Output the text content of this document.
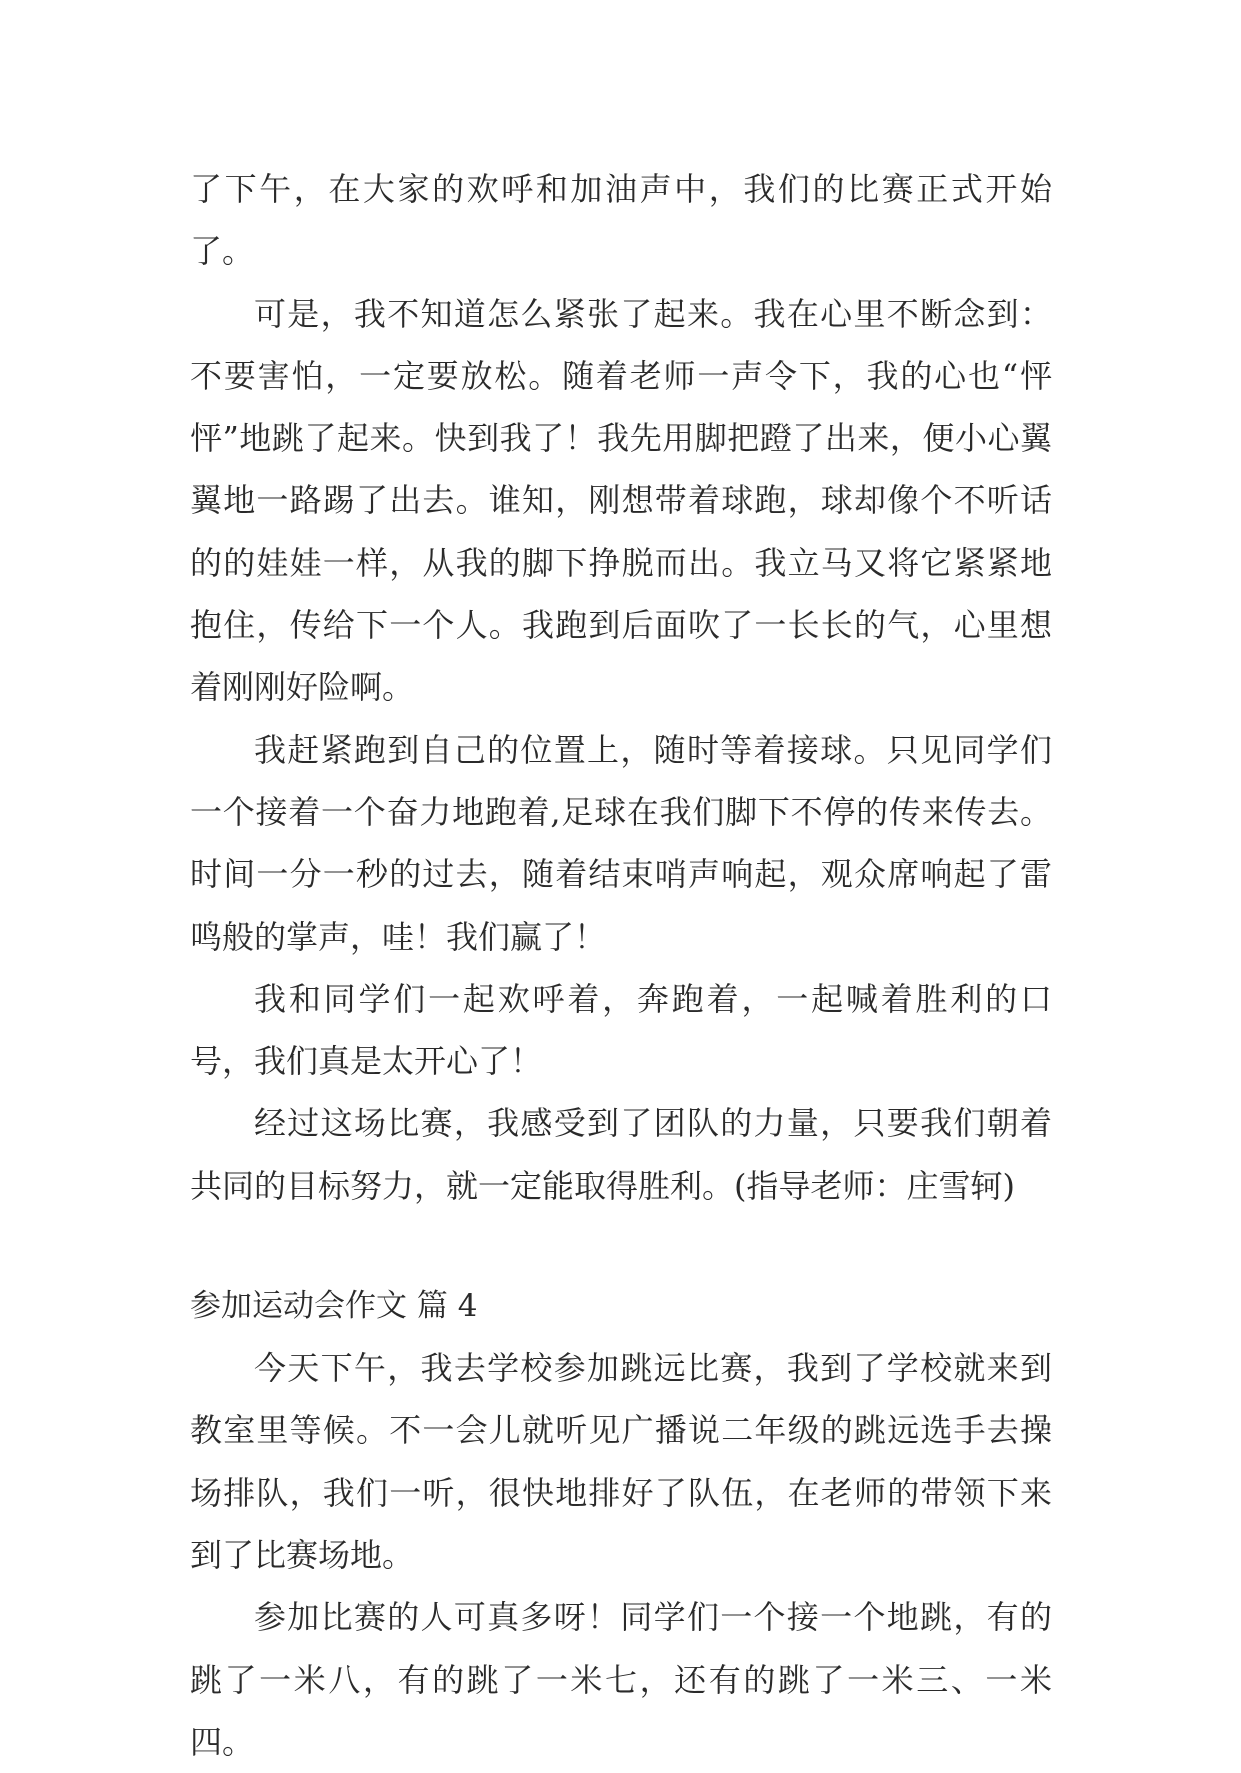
了下午，在大家的欢呼和加油声中，我们的比赛正式开始了。

可是，我不知道怎么紧张了起来。我在心里不断念到：不要害怕，一定要放松。随着老师一声令下，我的心也“怦怦”地跳了起来。快到我了！我先用脚把蹬了出来，便小心翼翼地一路踢了出去。谁知，刚想带着球跑，球却像个不听话的的娃娃一样，从我的脚下挣脱而出。我立马又将它紧紧地抱住，传给下一个人。我跑到后面吹了一长长的气，心里想着刚刚好险啊。

我赶紧跑到自己的位置上，随时等着接球。只见同学们一个接着一个奋力地跑着,足球在我们脚下不停的传来传去。时间一分一秒的过去，随着结束哨声响起，观众席响起了雷鸣般的掌声，哇！我们赢了！

我和同学们一起欢呼着，奔跑着，一起喊着胜利的口号，我们真是太开心了！

经过这场比赛，我感受到了团队的力量，只要我们朝着共同的目标努力，就一定能取得胜利。(指导老师：庄雪轲)

参加运动会作文 篇 4

今天下午，我去学校参加跳远比赛，我到了学校就来到教室里等候。不一会儿就听见广播说二年级的跳远选手去操场排队，我们一听，很快地排好了队伍，在老师的带领下来到了比赛场地。

参加比赛的人可真多呀！同学们一个接一个地跳，有的跳了一米八，有的跳了一米七，还有的跳了一米三、一米四。
